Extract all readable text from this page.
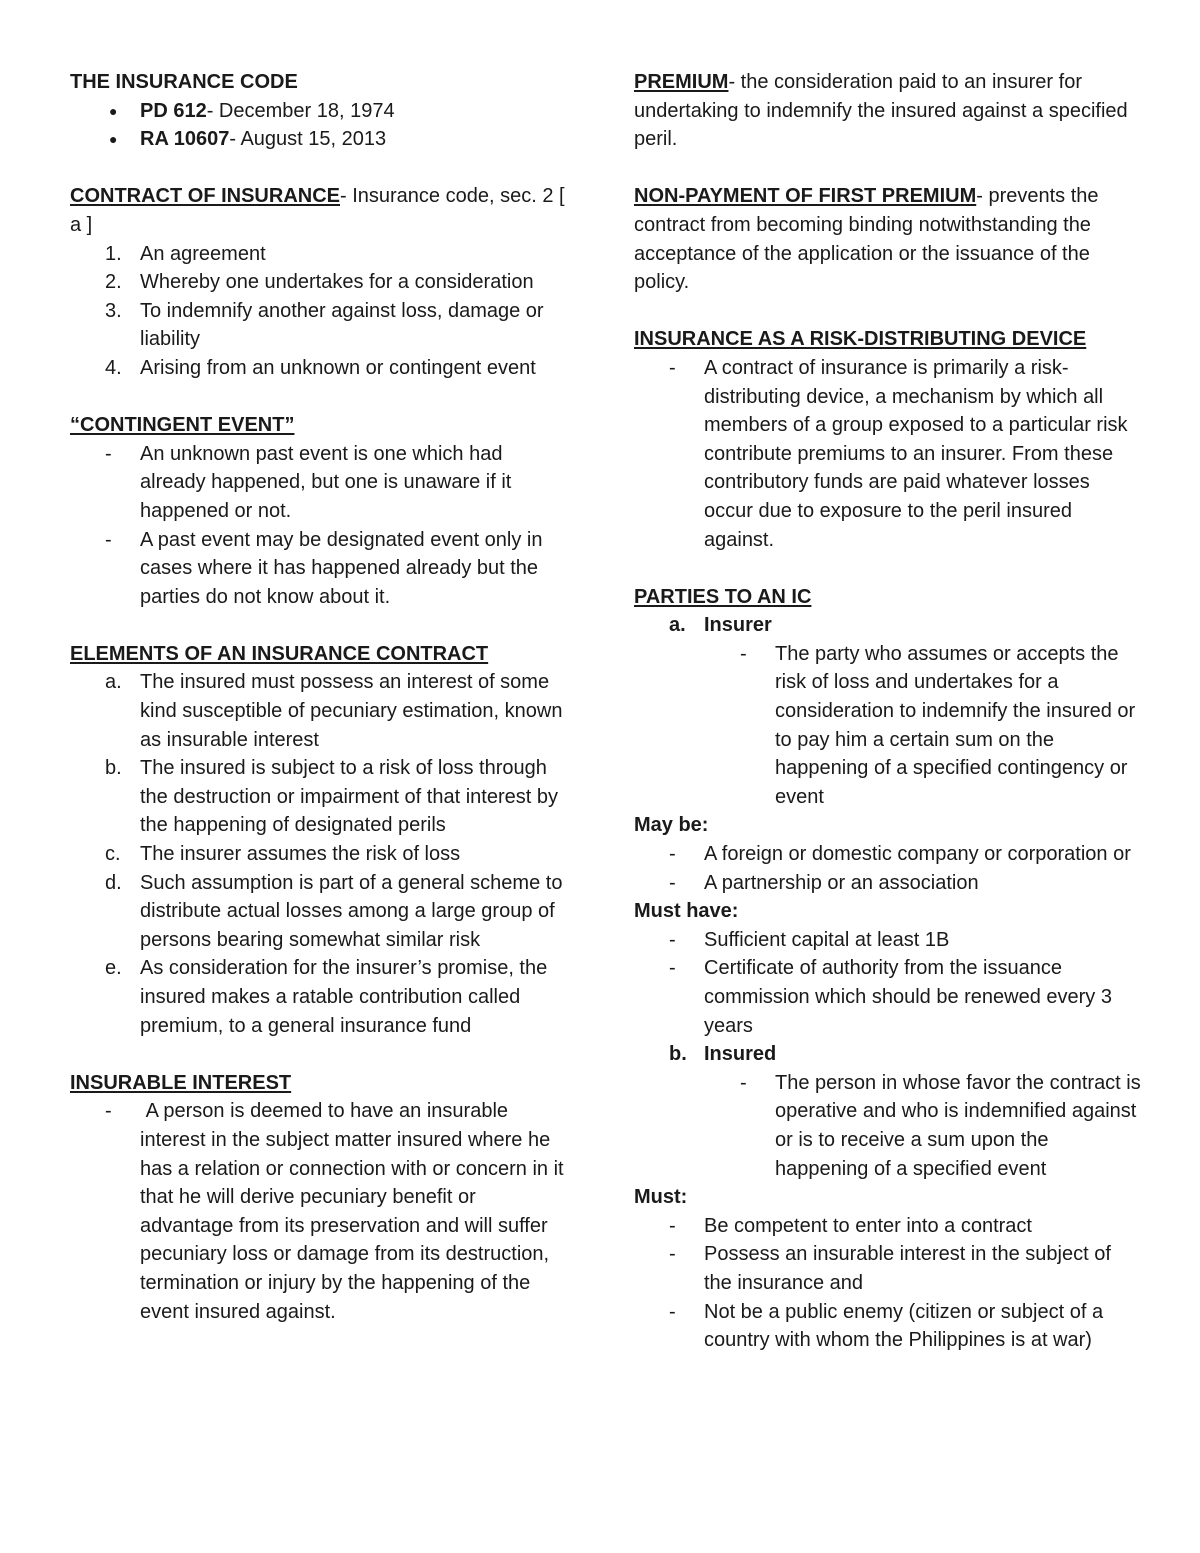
THE INSURANCE CODE

●	PD 612- December 18, 1974
●	RA 10607- August 15, 2013

CONTRACT OF INSURANCE- Insurance code, sec. 2 [ a ]

1. An agreement
2. Whereby one undertakes for a consideration
3. To indemnify another against loss, damage or liability
4. Arising from an unknown or contingent event

“CONTINGENT EVENT”

-	An unknown past event is one which had already happened, but one is unaware if it happened or not.
-	A past event may be designated event only in cases where it has happened already but the parties do not know about it.

ELEMENTS OF AN INSURANCE CONTRACT

a. The insured must possess an interest of some kind susceptible of pecuniary estimation, known as insurable interest
b. The insured is subject to a risk of loss through the destruction or impairment of that interest by the happening of designated perils
c. The insurer assumes the risk of loss
d. Such assumption is part of a general scheme to distribute actual losses among a large group of persons bearing somewhat similar risk
e. As consideration for the insurer’s promise, the insured makes a ratable contribution called premium, to a general insurance fund

INSURABLE INTEREST

-	A person is deemed to have an insurable interest in the subject matter insured where he has a relation or connection with or concern in it that he will derive pecuniary benefit or advantage from its preservation and will suffer pecuniary loss or damage from its destruction, termination or injury by the happening of the event insured against.

PREMIUM- the consideration paid to an insurer for undertaking to indemnify the insured against a specified peril.

NON-PAYMENT OF FIRST PREMIUM- prevents the contract from becoming binding notwithstanding the acceptance of the application or the issuance of the policy.

INSURANCE AS A RISK-DISTRIBUTING DEVICE

-	A contract of insurance is primarily a risk-distributing device, a mechanism by which all members of a group exposed to a particular risk contribute premiums to an insurer. From these contributory funds are paid whatever losses occur due to exposure to the peril insured against.

PARTIES TO AN IC

a. Insurer
-	The party who assumes or accepts the risk of loss and undertakes for a consideration to indemnify the insured or to pay him a certain sum on the happening of a specified contingency or event

May be:

-	A foreign or domestic company or corporation or
-	A partnership or an association

Must have:

-	Sufficient capital at least 1B
-	Certificate of authority from the issuance commission which should be renewed every 3 years
b. Insured
-	The person in whose favor the contract is operative and who is indemnified against or is to receive a sum upon the happening of a specified event

Must:

-	Be competent to enter into a contract
-	Possess an insurable interest in the subject of the insurance and
-	Not be a public enemy (citizen or subject of a country with whom the Philippines is at war)
